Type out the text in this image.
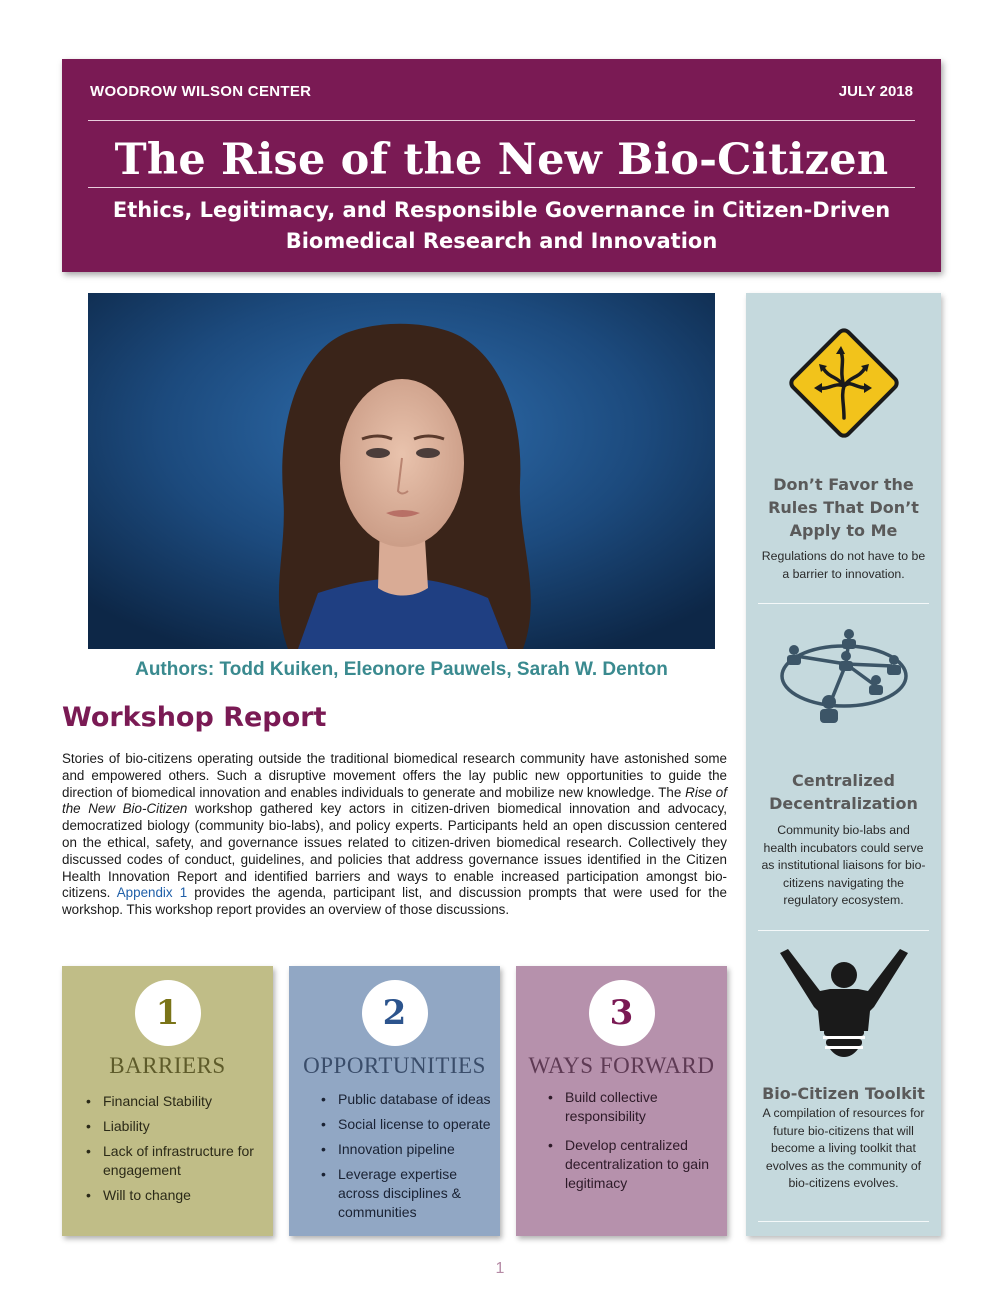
WOODROW WILSON CENTER	JULY 2018
The Rise of the New Bio-Citizen
Ethics, Legitimacy, and Responsible Governance in Citizen-Driven
Biomedical Research and Innovation
Authors: Todd Kuiken, Eleonore Pauwels, Sarah W. Denton
Workshop Report
Stories of bio-citizens operating outside the traditional biomedical research community have astonished some and empowered others. Such a disruptive movement offers the lay public new opportunities to guide the direction of biomedical innovation and enables individuals to generate and mobilize new knowledge. The Rise of the New Bio-Citizen workshop gathered key actors in citizen-driven biomedical innovation and advocacy, democratized biology (community bio-labs), and policy experts. Participants held an open discussion centered on the ethical, safety, and governance issues related to citizen-driven biomedical research. Collectively they discussed codes of conduct, guidelines, and policies that address governance issues identified in the Citizen Health Innovation Report and identified barriers and ways to enable increased participation amongst bio-citizens. Appendix 1 provides the agenda, participant list, and discussion prompts that were used for the workshop. This workshop report provides an overview of those discussions.
1
BARRIERS
• Financial Stability
• Liability
• Lack of infrastructure for engagement
• Will to change
2
OPPORTUNITIES
• Public database of ideas
• Social license to operate
• Innovation pipeline
• Leverage expertise across disciplines & communities
3
WAYS FORWARD
• Build collective responsibility
• Develop centralized decentralization to gain legitimacy
Don’t Favor the
Rules That Don’t
Apply to Me
Regulations do not have to be
a barrier to innovation.
Centralized
Decentralization
Community bio-labs and
health incubators could serve
as institutional liaisons for bio-
citizens navigating the
regulatory ecosystem.
Bio-Citizen Toolkit
A compilation of resources for
future bio-citizens that will
become a living toolkit that
evolves as the community of
bio-citizens evolves.
1
